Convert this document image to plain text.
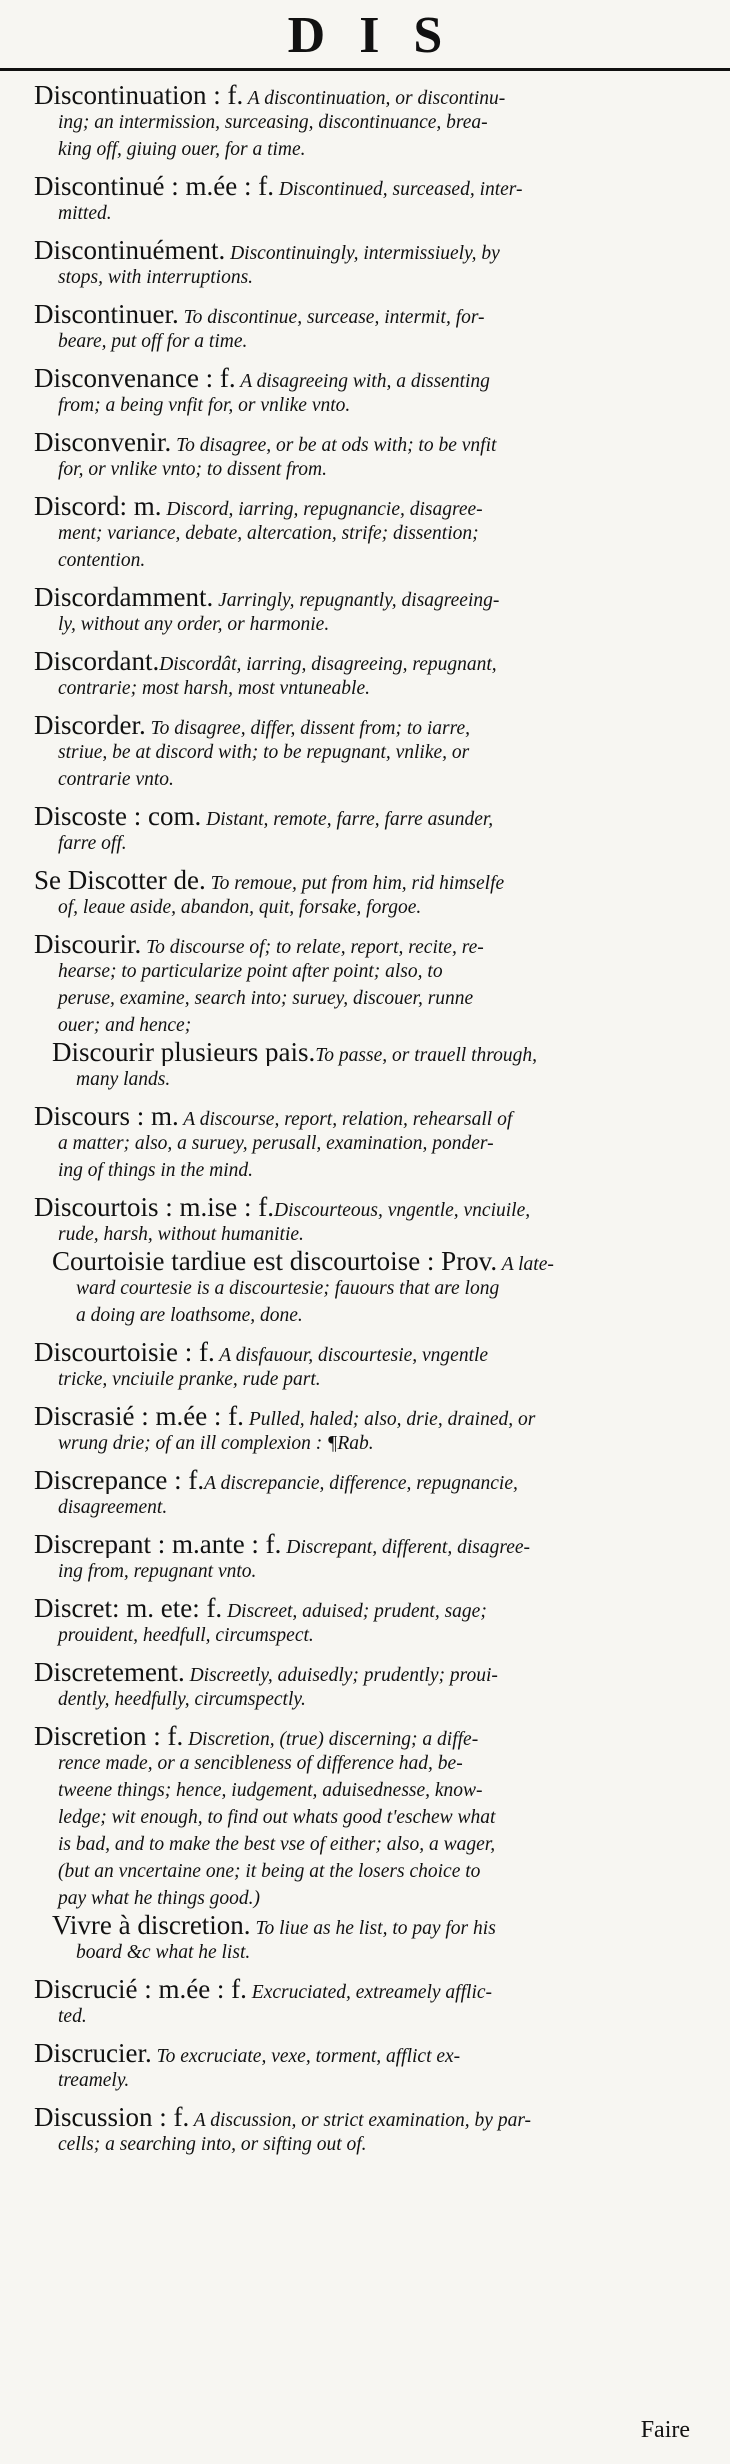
DIS
Discontinuation : f. A discontinuation, or discontinu-
ing; an intermission, surceasing, discontinuance, brea-
king off, giuing ouer, for a time.
Discontinué : m.ée : f. Discontinued, surceased, inter-
mitted.
Discontinuément. Discontinuingly, intermissiuely, by
stops, with interruptions.
Discontinuer. To discontinue, surcease, intermit, for-
beare, put off for a time.
Disconvenance : f. A disagreeing with, a dissenting
from; a being vnfit for, or vnlike vnto.
Disconvenir. To disagree, or be at ods with; to be vnfit
for, or vnlike vnto; to dissent from.
Discord: m. Discord, iarring, repugnancie, disagree-
ment; variance, debate, altercation, strife; dissention;
contention.
Discordamment. Jarringly, repugnantly, disagreeing-
ly, without any order, or harmonie.
Discordant.Discordât, iarring, disagreeing, repugnant,
contrarie; most harsh, most vntuneable.
Discorder. To disagree, differ, dissent from; to iarre,
striue, be at discord with; to be repugnant, vnlike, or
contrarie vnto.
Discoste : com. Distant, remote, farre, farre asunder,
farre off.
Se Discotter de. To remoue, put from him, rid himselfe
of, leaue aside, abandon, quit, forsake, forgoe.
Discourir. To discourse of; to relate, report, recite, re-
hearse; to particularize point after point; also, to
peruse, examine, search into; suruey, discouer, runne
ouer; and hence;
Discourir plusieurs pais.To passe, or trauell through,
many lands.
Discours : m. A discourse, report, relation, rehearsall of
a matter; also, a suruey, perusall, examination, ponder-
ing of things in the mind.
Discourtois : m.ise : f.Discourteous, vngentle, vnciuile,
rude, harsh, without humanitie.
Courtoisie tardiue est discourtoise : Prov. A late-
ward courtesie is a discourtesie; fauours that are long
a doing are loathsome, done.
Discourtoisie : f. A disfauour, discourtesie, vngentle
tricke, vnciuile pranke, rude part.
Discrasié : m.ée : f. Pulled, haled; also, drie, drained, or
wrung drie; of an ill complexion : ¶Rab.
Discrepance : f.A discrepancie, difference, repugnancie,
disagreement.
Discrepant : m.ante : f. Discrepant, different, disagree-
ing from, repugnant vnto.
Discret: m. ete: f. Discreet, aduised; prudent, sage;
prouident, heedfull, circumspect.
Discretement. Discreetly, aduisedly; prudently; proui-
dently, heedfully, circumspectly.
Discretion : f. Discretion, (true) discerning; a diffe-
rence made, or a sencibleness of difference had, be-
tweene things; hence, iudgement, aduisednesse, know-
ledge; wit enough, to find out whats good t'eschew what
is bad, and to make the best vse of either; also, a wager,
(but an vncertaine one; it being at the losers choice to
pay what he things good.)
Vivre à discretion. To liue as he list, to pay for his
board &c what he list.
Discrucié : m.ée : f. Excruciated, extreamely afflic-
ted.
Discrucier. To excruciate, vexe, torment, afflict ex-
treamely.
Discussion : f. A discussion, or strict examination, by par-
cells; a searching into, or sifting out of.
Faire
